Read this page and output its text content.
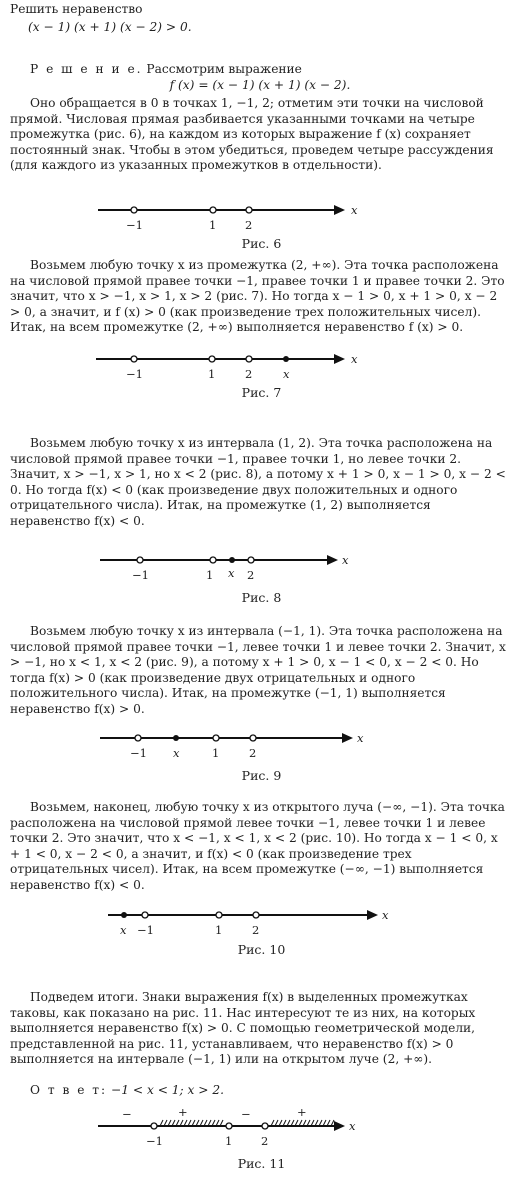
Решить неравенство
(x − 1) (x + 1) (x − 2) > 0.
Р е ш е н и е. Рассмотрим выражение
f (x) = (x − 1) (x + 1) (x − 2).
Оно обращается в 0 в точках 1, −1, 2; отметим эти точки на числовой прямой. Числовая прямая разбивается указанными точками на четыре промежутка (рис. 6), на каждом из которых выражение f (x) сохраняет постоянный знак. Чтобы в этом убедиться, проведем четыре рассуждения (для каждого из указанных промежутков в отдельности).
x
−1	1 2
Рис. 6
Возьмем любую точку x из промежутка (2, +∞). Эта точка расположена на числовой прямой правее точки −1, правее точки 1 и правее точки 2. Это значит, что x > −1, x > 1, x > 2 (рис. 7). Но тогда x − 1 > 0, x + 1 > 0, x − 2 > 0, а значит, и f (x) > 0 (как произведение трех положительных чисел). Итак, на всем промежутке (2, +∞) выполняется неравенство f (x) > 0.
x
−1	1	2	x
Рис. 7
Возьмем любую точку x из интервала (1, 2). Эта точка расположена на числовой прямой правее точки −1, правее точки 1, но левее точки 2. Значит, x > −1, x > 1, но x < 2 (рис. 8), а потому x + 1 > 0, x − 1 > 0, x − 2 < 0. Но тогда f(x) < 0 (как произведение двух положительных и одного отрицательного числа). Итак, на промежутке (1, 2) выполняется неравенство f(x) < 0.
x
−1	1 x 2
Рис. 8
Возьмем любую точку x из интервала (−1, 1). Эта точка расположена на числовой прямой правее точки −1, левее точки 1 и левее точки 2. Значит, x > −1, но x < 1, x < 2 (рис. 9), а потому x + 1 > 0, x − 1 < 0, x − 2 < 0. Но тогда f(x) > 0 (как произведение двух отрицательных и одного положительного числа). Итак, на промежутке (−1, 1) выполняется неравенство f(x) > 0.
x
−1 x	1	2
Рис. 9
Возьмем, наконец, любую точку x из открытого луча (−∞, −1). Эта точка расположена на числовой прямой левее точки −1, левее точки 1 и левее точки 2. Это значит, что x < −1, x < 1, x < 2 (рис. 10). Но тогда x − 1 < 0, x + 1 < 0, x − 2 < 0, а значит, и f(x) < 0 (как произведение трех отрицательных чисел). Итак, на всем промежутке (−∞, −1) выполняется неравенство f(x) < 0.
x
x −1	1	2
Рис. 10
Подведем итоги. Знаки выражения f(x) в выделенных промежутках таковы, как показано на рис. 11. Нас интересуют те из них, на которых выполняется неравенство f(x) > 0. С помощью геометрической модели, представленной на рис. 11, устанавливаем, что неравенство f(x) > 0 выполняется на интервале (−1, 1) или на открытом луче (2, +∞).
О т в е т: −1 < x < 1; x > 2.
x
−	+	−	+
−1	1 2
Рис. 11
